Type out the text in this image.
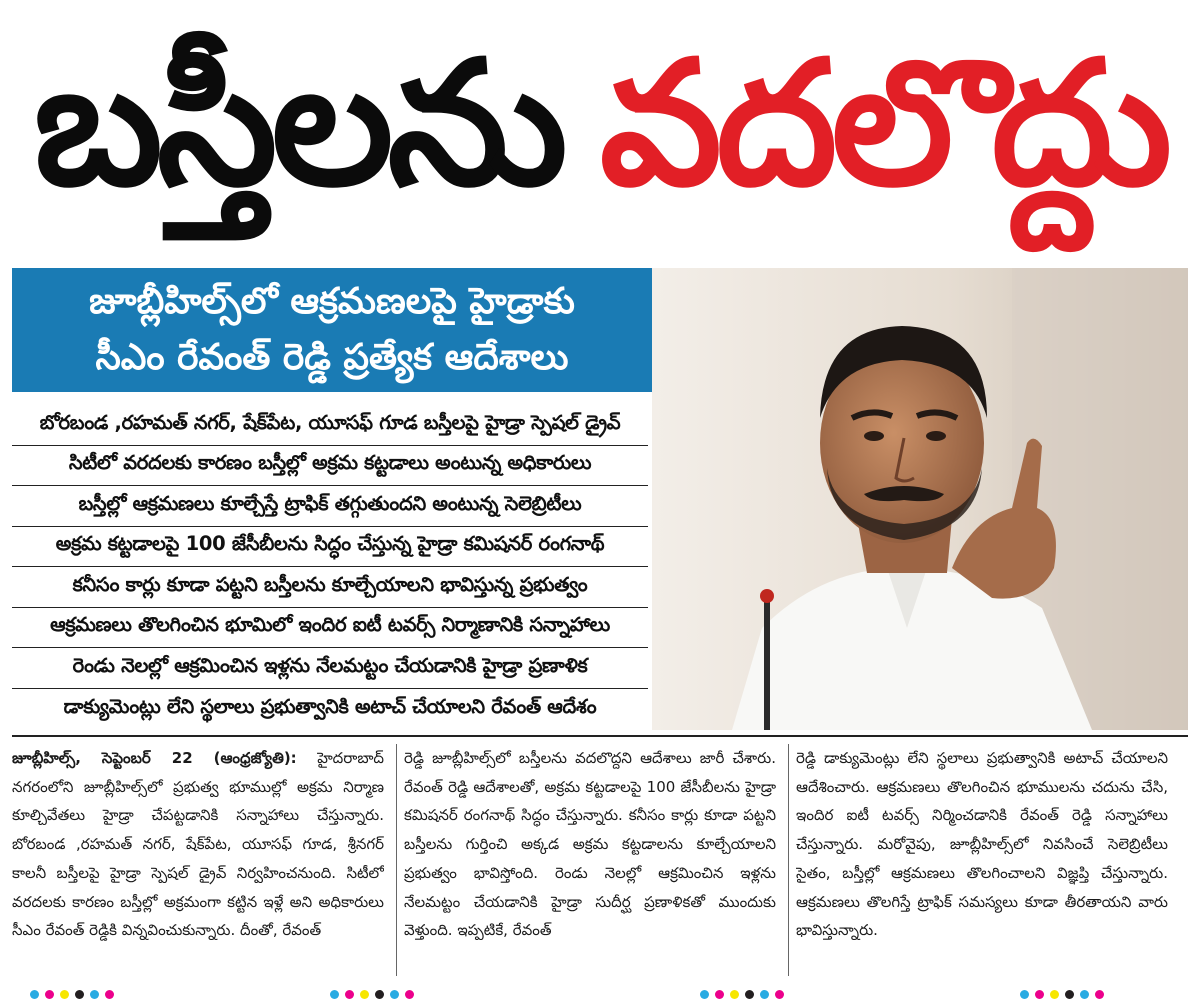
బస్తీలను వదలొద్దు
జూబ్లీహిల్స్‌లో ఆక్రమణలపై హైడ్రాకు
సీఎం రేవంత్ రెడ్డి ప్రత్యేక ఆదేశాలు
బోరబండ ,రహమత్ నగర్, షేక్‌పేట, యూసఫ్ గూడ బస్తీలపై హైడ్రా స్పెషల్ డ్రైవ్
సిటీలో వరదలకు కారణం బస్తీల్లో అక్రమ కట్టడాలు అంటున్న అధికారులు
బస్తీల్లో ఆక్రమణలు కూల్చేస్తే ట్రాఫిక్ తగ్గుతుందని అంటున్న సెలెబ్రిటీలు
అక్రమ కట్టడాలపై 100 జేసీబీలను సిద్ధం చేస్తున్న హైడ్రా కమిషనర్ రంగనాథ్
కనీసం కార్లు కూడా పట్టని బస్తీలను కూల్చేయాలని భావిస్తున్న ప్రభుత్వం
ఆక్రమణలు తొలగించిన భూమిలో ఇందిర ఐటీ టవర్స్ నిర్మాణానికి సన్నాహాలు
రెండు నెలల్లో ఆక్రమించిన ఇళ్లను నేలమట్టం చేయడానికి హైడ్రా ప్రణాళిక
డాక్యుమెంట్లు లేని స్థలాలు ప్రభుత్వానికి అటాచ్ చేయాలని రేవంత్ ఆదేశం
జూబ్లీహిల్స్, సెప్టెంబర్ 22 (ఆంధ్రజ్యోతి): హైదరాబాద్ నగరంలోని జూబ్లీహిల్స్‌లో ప్రభుత్వ భూముల్లో అక్రమ నిర్మాణ కూల్చివేతలు హైడ్రా చేపట్టడానికి సన్నాహాలు చేస్తున్నారు. బోరబండ ,రహమత్ నగర్, షేక్‌పేట, యూసఫ్ గూడ, శ్రీనగర్ కాలనీ బస్తీలపై హైడ్రా స్పెషల్ డ్రైవ్ నిర్వహించనుంది. సిటీలో వరదలకు కారణం బస్తీల్లో అక్రమంగా కట్టిన ఇళ్లే అని అధికారులు సీఎం రేవంత్ రెడ్డికి విన్నవించుకున్నారు. దీంతో, రేవంత్
రెడ్డి జూబ్లీహిల్స్‌లో బస్తీలను వదలొద్దని ఆదేశాలు జారీ చేశారు. రేవంత్ రెడ్డి ఆదేశాలతో, అక్రమ కట్టడాలపై 100 జేసీబీలను హైడ్రా కమిషనర్ రంగనాథ్ సిద్ధం చేస్తున్నారు. కనీసం కార్లు కూడా పట్టని బస్తీలను గుర్తించి అక్కడ అక్రమ కట్టడాలను కూల్చేయాలని ప్రభుత్వం భావిస్తోంది. రెండు నెలల్లో ఆక్రమించిన ఇళ్లను నేలమట్టం చేయడానికి హైడ్రా సుదీర్ఘ ప్రణాళికతో ముందుకు వెళ్తుంది. ఇప్పటికే, రేవంత్
రెడ్డి డాక్యుమెంట్లు లేని స్థలాలు ప్రభుత్వానికి అటాచ్ చేయాలని ఆదేశించారు. ఆక్రమణలు తొలగించిన భూములను చదును చేసి, ఇందిర ఐటీ టవర్స్ నిర్మించడానికి రేవంత్ రెడ్డి సన్నాహాలు చేస్తున్నారు. మరోవైపు, జూబ్లీహిల్స్‌లో నివసించే సెలెబ్రిటీలు సైతం, బస్తీల్లో ఆక్రమణలు తొలగించాలని విజ్ఞప్తి చేస్తున్నారు. ఆక్రమణలు తొలగిస్తే ట్రాఫిక్ సమస్యలు కూడా తీరతాయని వారు భావిస్తున్నారు.
